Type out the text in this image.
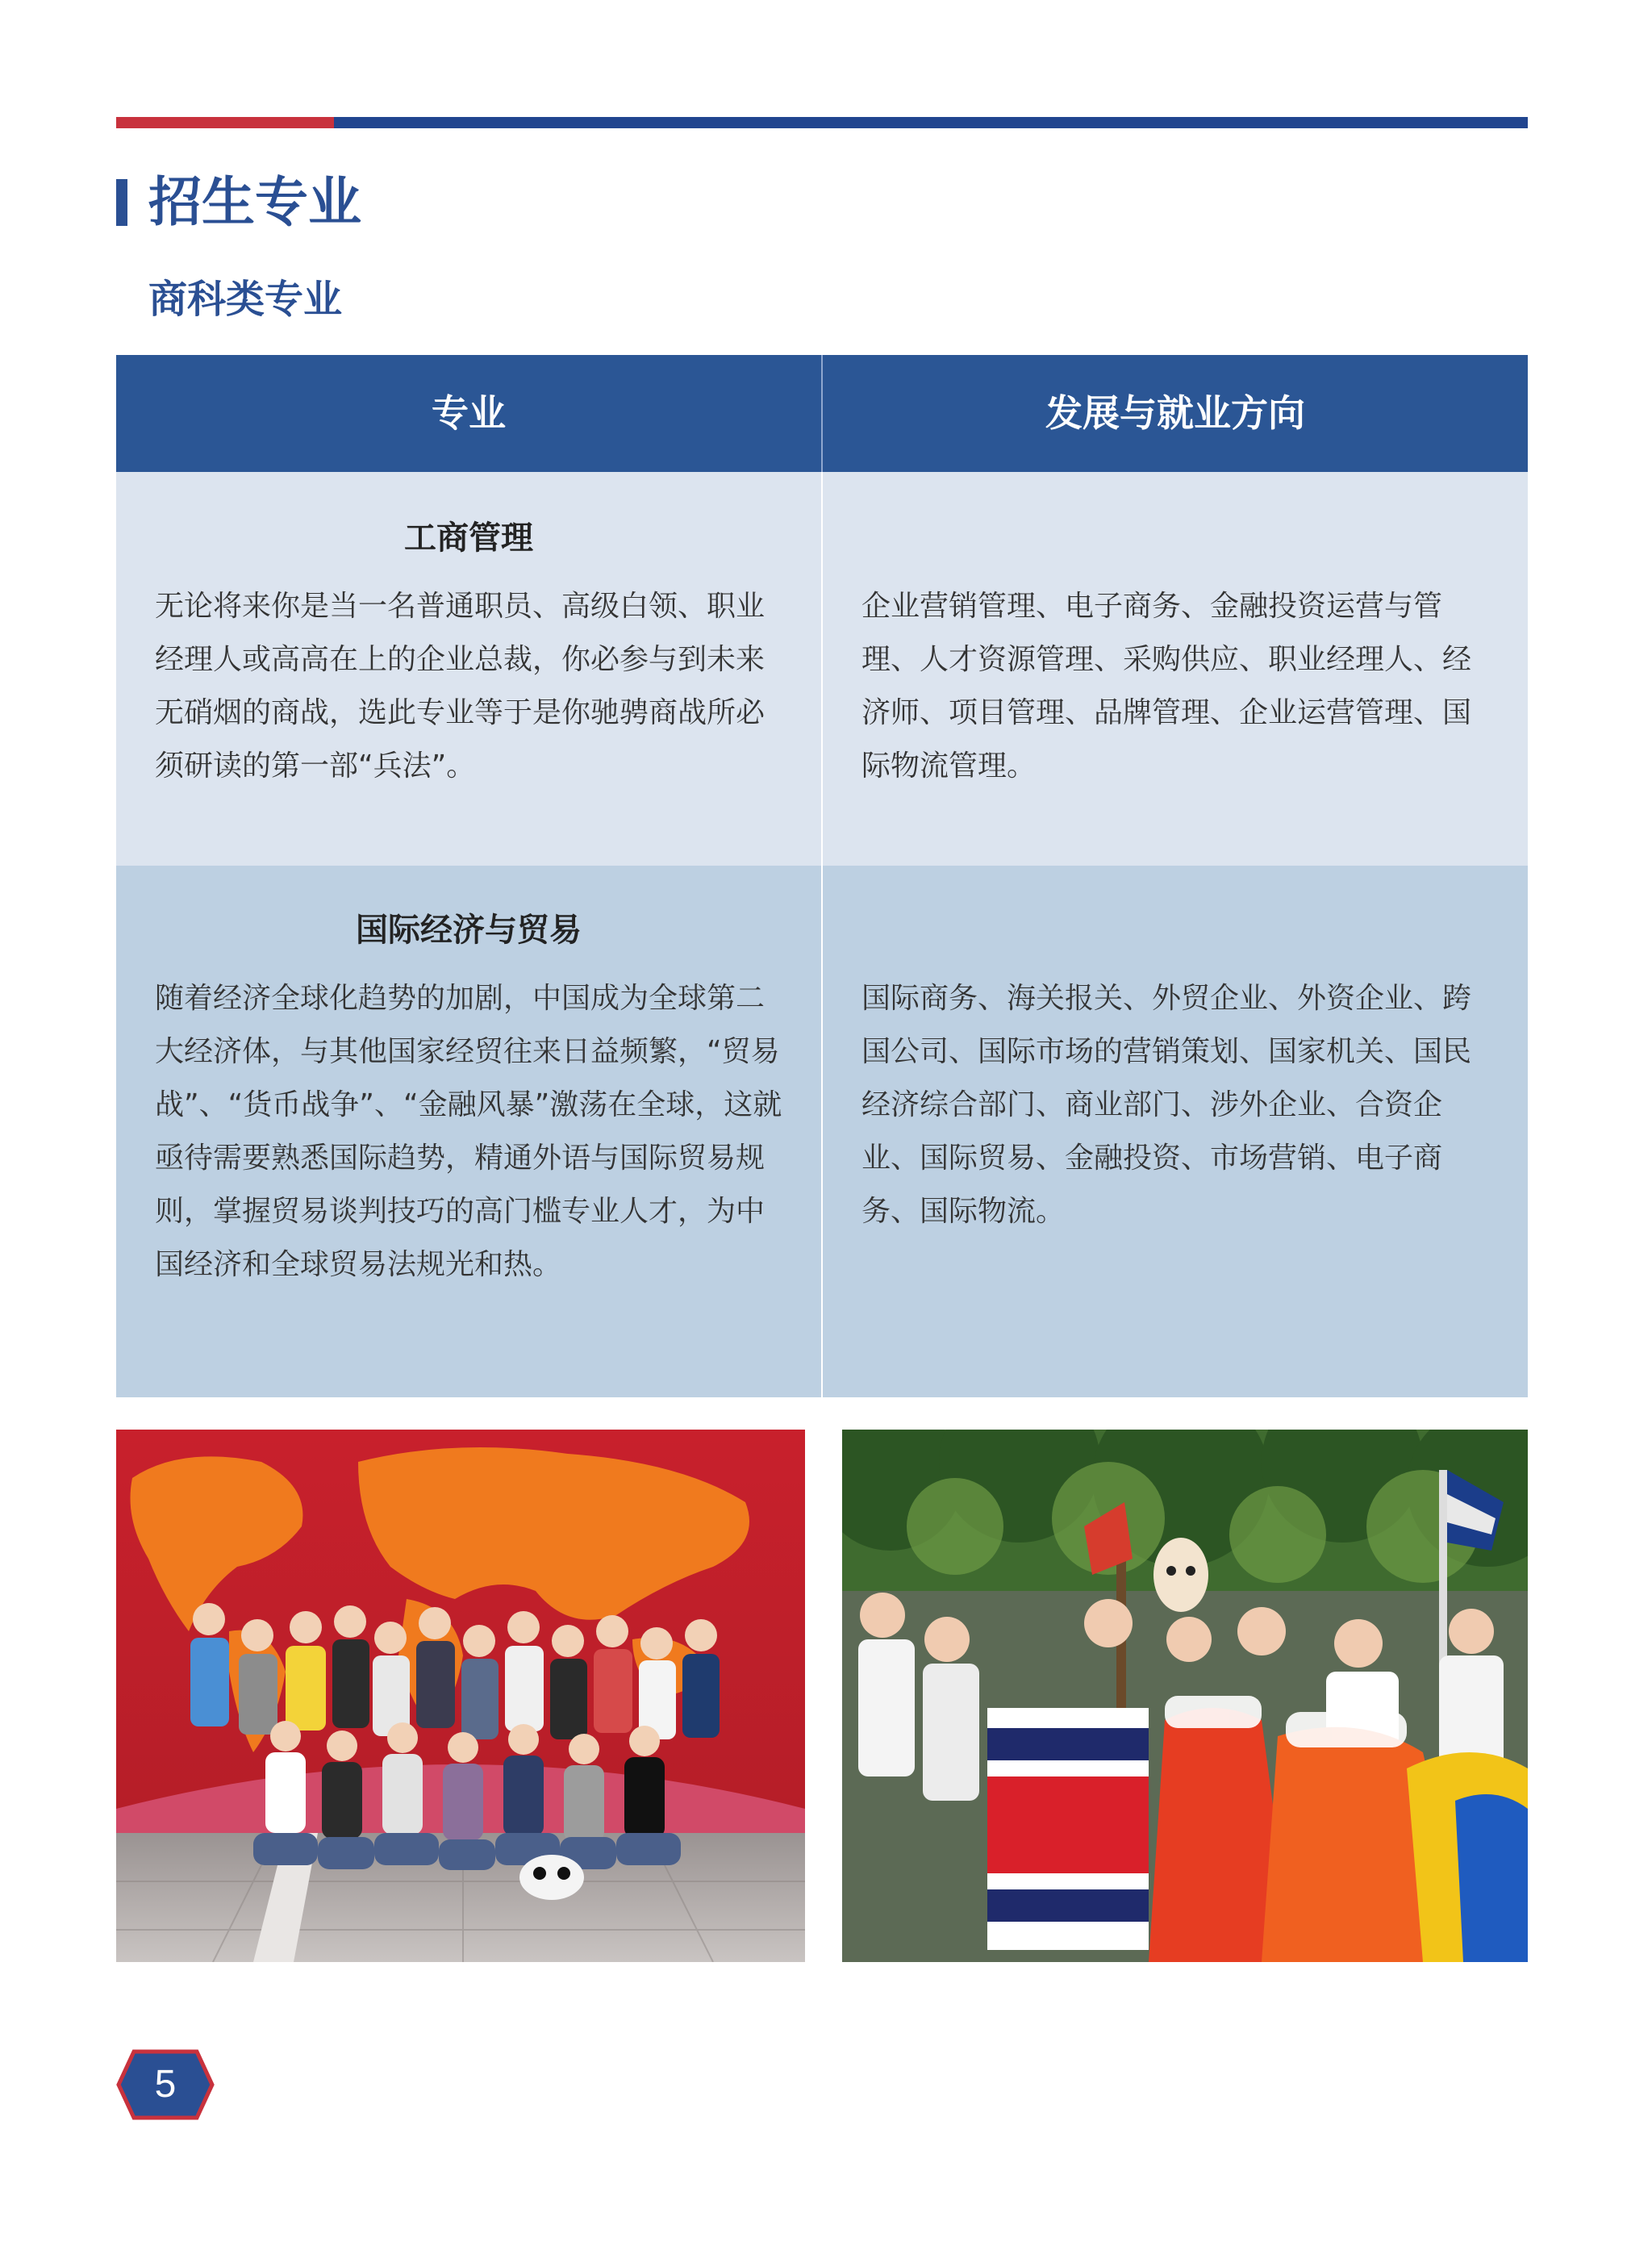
招生专业
商科类专业
专业	发展与就业方向

工商管理

无论将来你是当一名普通职员、高级白领、职业经理人或高高在上的企业总裁，你必参与到未来无硝烟的商战，选此专业等于是你驰骋商战所必须研读的第一部“兵法”。

企业营销管理、电子商务、金融投资运营与管理、人才资源管理、采购供应、职业经理人、经济师、项目管理、品牌管理、企业运营管理、国际物流管理。

国际经济与贸易

随着经济全球化趋势的加剧，中国成为全球第二大经济体，与其他国家经贸往来日益频繁，“贸易战”、“货币战争”、“金融风暴”激荡在全球，这就亟待需要熟悉国际趋势，精通外语与国际贸易规则，掌握贸易谈判技巧的高门槛专业人才，为中国经济和全球贸易法规光和热。

国际商务、海关报关、外贸企业、外资企业、跨国公司、国际市场的营销策划、国家机关、国民经济综合部门、商业部门、涉外企业、合资企业、国际贸易、金融投资、市场营销、电子商务、国际物流。

5
